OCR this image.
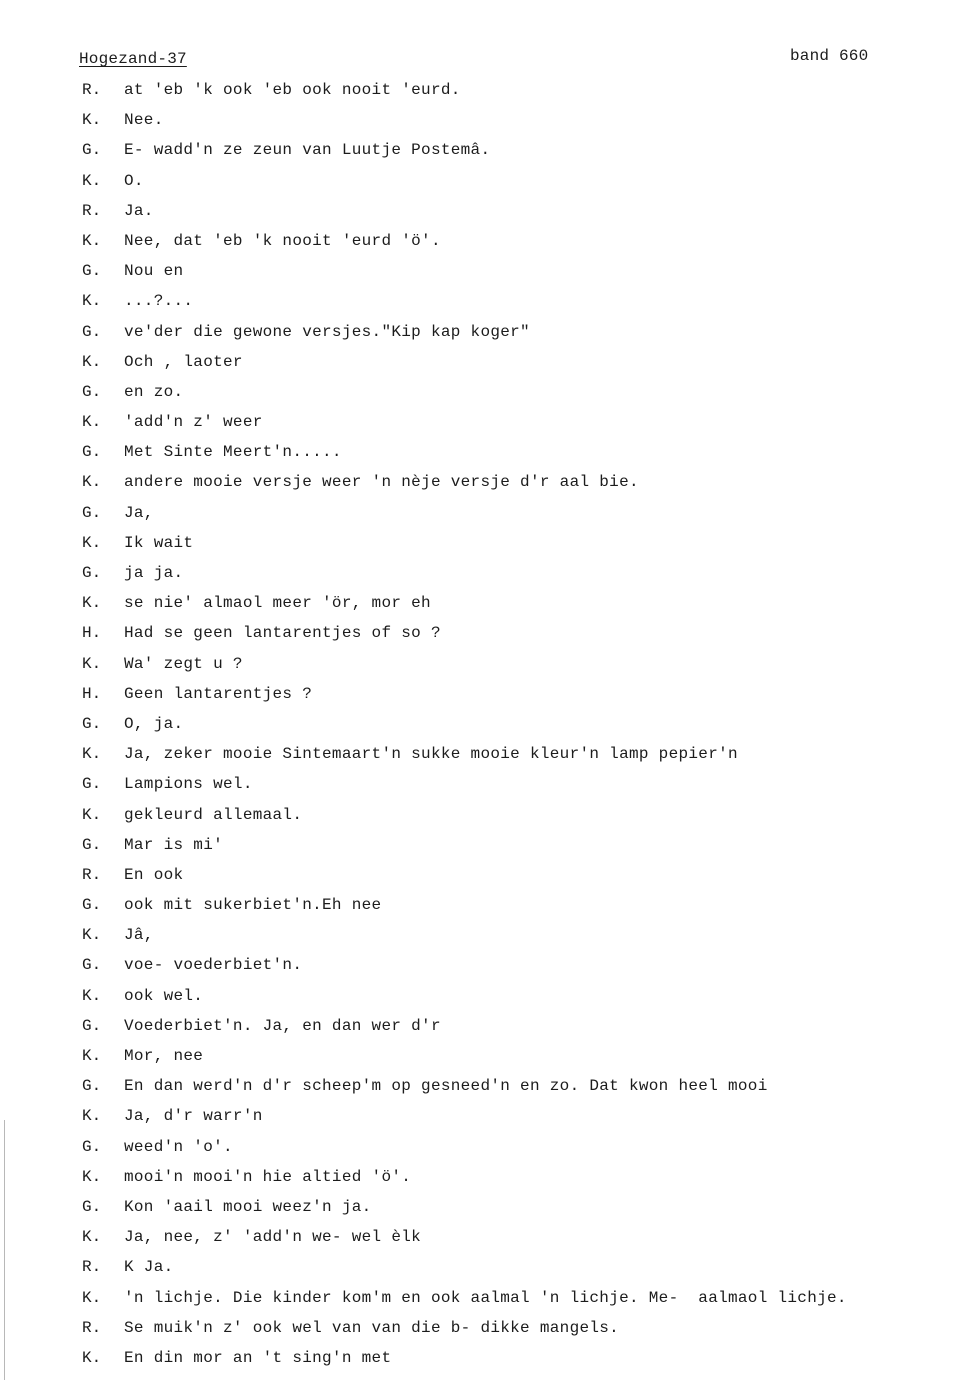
Hogezand-37	band 660
R. at 'eb 'k ook 'eb ook nooit 'eurd.
K. Nee.
G. E- wadd'n ze zeun van Luutje Postemâ.
K. O.
R. Ja.
K. Nee, dat 'eb 'k nooit 'eurd 'ö'.
G. Nou en
K. ...?...
G. ve'der die gewone versjes."Kip kap koger"
K. Och , laoter
G. en zo.
K. 'add'n z' weer
G. Met Sinte Meert'n.....
K. andere mooie versje weer 'n nèje versje d'r aal bie.
G. Ja,
K. Ik wait
G. ja ja.
K. se nie' almaol meer 'ör, mor eh
H. Had se geen lantarentjes of so ?
K. Wa' zegt u ?
H. Geen lantarentjes ?
G. O, ja.
K. Ja, zeker mooie Sintemaart'n sukke mooie kleur'n lamp pepier'n
G. Lampions wel.
K. gekleurd allemaal.
G. Mar is mi'
R. En ook
G. ook mit sukerbiet'n.Eh nee
K. Jâ,
G. voe- voederbiet'n.
K. ook wel.
G. Voederbiet'n. Ja, en dan wer d'r
K. Mor, nee
G. En dan werd'n d'r scheep'm op gesneed'n en zo. Dat kwon heel mooi
K. Ja, d'r warr'n
G. weed'n 'o'.
K. mooi'n mooi'n hie altied 'ö'.
G. Kon 'aail mooi weez'n ja.
K. Ja, nee, z' 'add'n we- wel èlk
R. K Ja.
K. 'n lichje. Die kinder kom'm en ook aalmal 'n lichje. Me-  aalmaol lichje.
R. Se muik'n z' ook wel van van die b- dikke mangels.
K. En din mor an 't sing'n met
